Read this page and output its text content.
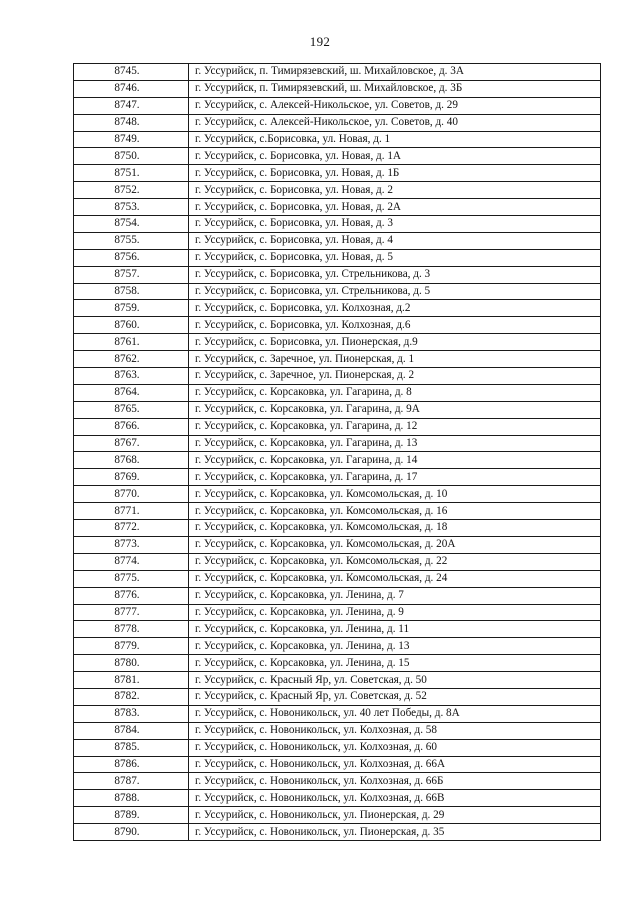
192
8745.	г. Уссурийск, п. Тимирязевский, ш. Михайловское, д. 3А
8746.	г. Уссурийск, п. Тимирязевский, ш. Михайловское, д. 3Б
8747.	г. Уссурийск, с. Алексей-Никольское, ул. Советов, д. 29
8748.	г. Уссурийск, с. Алексей-Никольское, ул. Советов, д. 40
8749.	г. Уссурийск, с.Борисовка, ул. Новая, д. 1
8750.	г. Уссурийск, с. Борисовка, ул. Новая, д. 1А
8751.	г. Уссурийск, с. Борисовка, ул. Новая, д. 1Б
8752.	г. Уссурийск, с. Борисовка, ул. Новая, д. 2
8753.	г. Уссурийск, с. Борисовка, ул. Новая, д. 2А
8754.	г. Уссурийск, с. Борисовка, ул. Новая, д. 3
8755.	г. Уссурийск, с. Борисовка, ул. Новая, д. 4
8756.	г. Уссурийск, с. Борисовка, ул. Новая, д. 5
8757.	г. Уссурийск, с. Борисовка, ул. Стрельникова, д. 3
8758.	г. Уссурийск, с. Борисовка, ул. Стрельникова, д. 5
8759.	г. Уссурийск, с. Борисовка, ул. Колхозная, д.2
8760.	г. Уссурийск, с. Борисовка, ул. Колхозная, д.6
8761.	г. Уссурийск, с. Борисовка, ул. Пионерская, д.9
8762.	г. Уссурийск, с. Заречное, ул. Пионерская, д. 1
8763.	г. Уссурийск, с. Заречное, ул. Пионерская, д. 2
8764.	г. Уссурийск, с. Корсаковка, ул. Гагарина, д. 8
8765.	г. Уссурийск, с. Корсаковка, ул. Гагарина, д. 9А
8766.	г. Уссурийск, с. Корсаковка, ул. Гагарина, д. 12
8767.	г. Уссурийск, с. Корсаковка, ул. Гагарина, д. 13
8768.	г. Уссурийск, с. Корсаковка, ул. Гагарина, д. 14
8769.	г. Уссурийск, с. Корсаковка, ул. Гагарина, д. 17
8770.	г. Уссурийск, с. Корсаковка, ул. Комсомольская, д. 10
8771.	г. Уссурийск, с. Корсаковка, ул. Комсомольская, д. 16
8772.	г. Уссурийск, с. Корсаковка, ул. Комсомольская, д. 18
8773.	г. Уссурийск, с. Корсаковка, ул. Комсомольская, д. 20А
8774.	г. Уссурийск, с. Корсаковка, ул. Комсомольская, д. 22
8775.	г. Уссурийск, с. Корсаковка, ул. Комсомольская, д. 24
8776.	г. Уссурийск, с. Корсаковка, ул. Ленина, д. 7
8777.	г. Уссурийск, с. Корсаковка, ул. Ленина, д. 9
8778.	г. Уссурийск, с. Корсаковка, ул. Ленина, д. 11
8779.	г. Уссурийск, с. Корсаковка, ул. Ленина, д. 13
8780.	г. Уссурийск, с. Корсаковка, ул. Ленина, д. 15
8781.	г. Уссурийск, с. Красный Яр, ул. Советская, д. 50
8782.	г. Уссурийск, с. Красный Яр, ул. Советская, д. 52
8783.	г. Уссурийск, с. Новоникольск, ул. 40 лет Победы, д. 8А
8784.	г. Уссурийск, с. Новоникольск, ул. Колхозная, д. 58
8785.	г. Уссурийск, с. Новоникольск, ул. Колхозная, д. 60
8786.	г. Уссурийск, с. Новоникольск, ул. Колхозная, д. 66А
8787.	г. Уссурийск, с. Новоникольск, ул. Колхозная, д. 66Б
8788.	г. Уссурийск, с. Новоникольск, ул. Колхозная, д. 66В
8789.	г. Уссурийск, с. Новоникольск, ул. Пионерская, д. 29
8790.	г. Уссурийск, с. Новоникольск, ул. Пионерская, д. 35
